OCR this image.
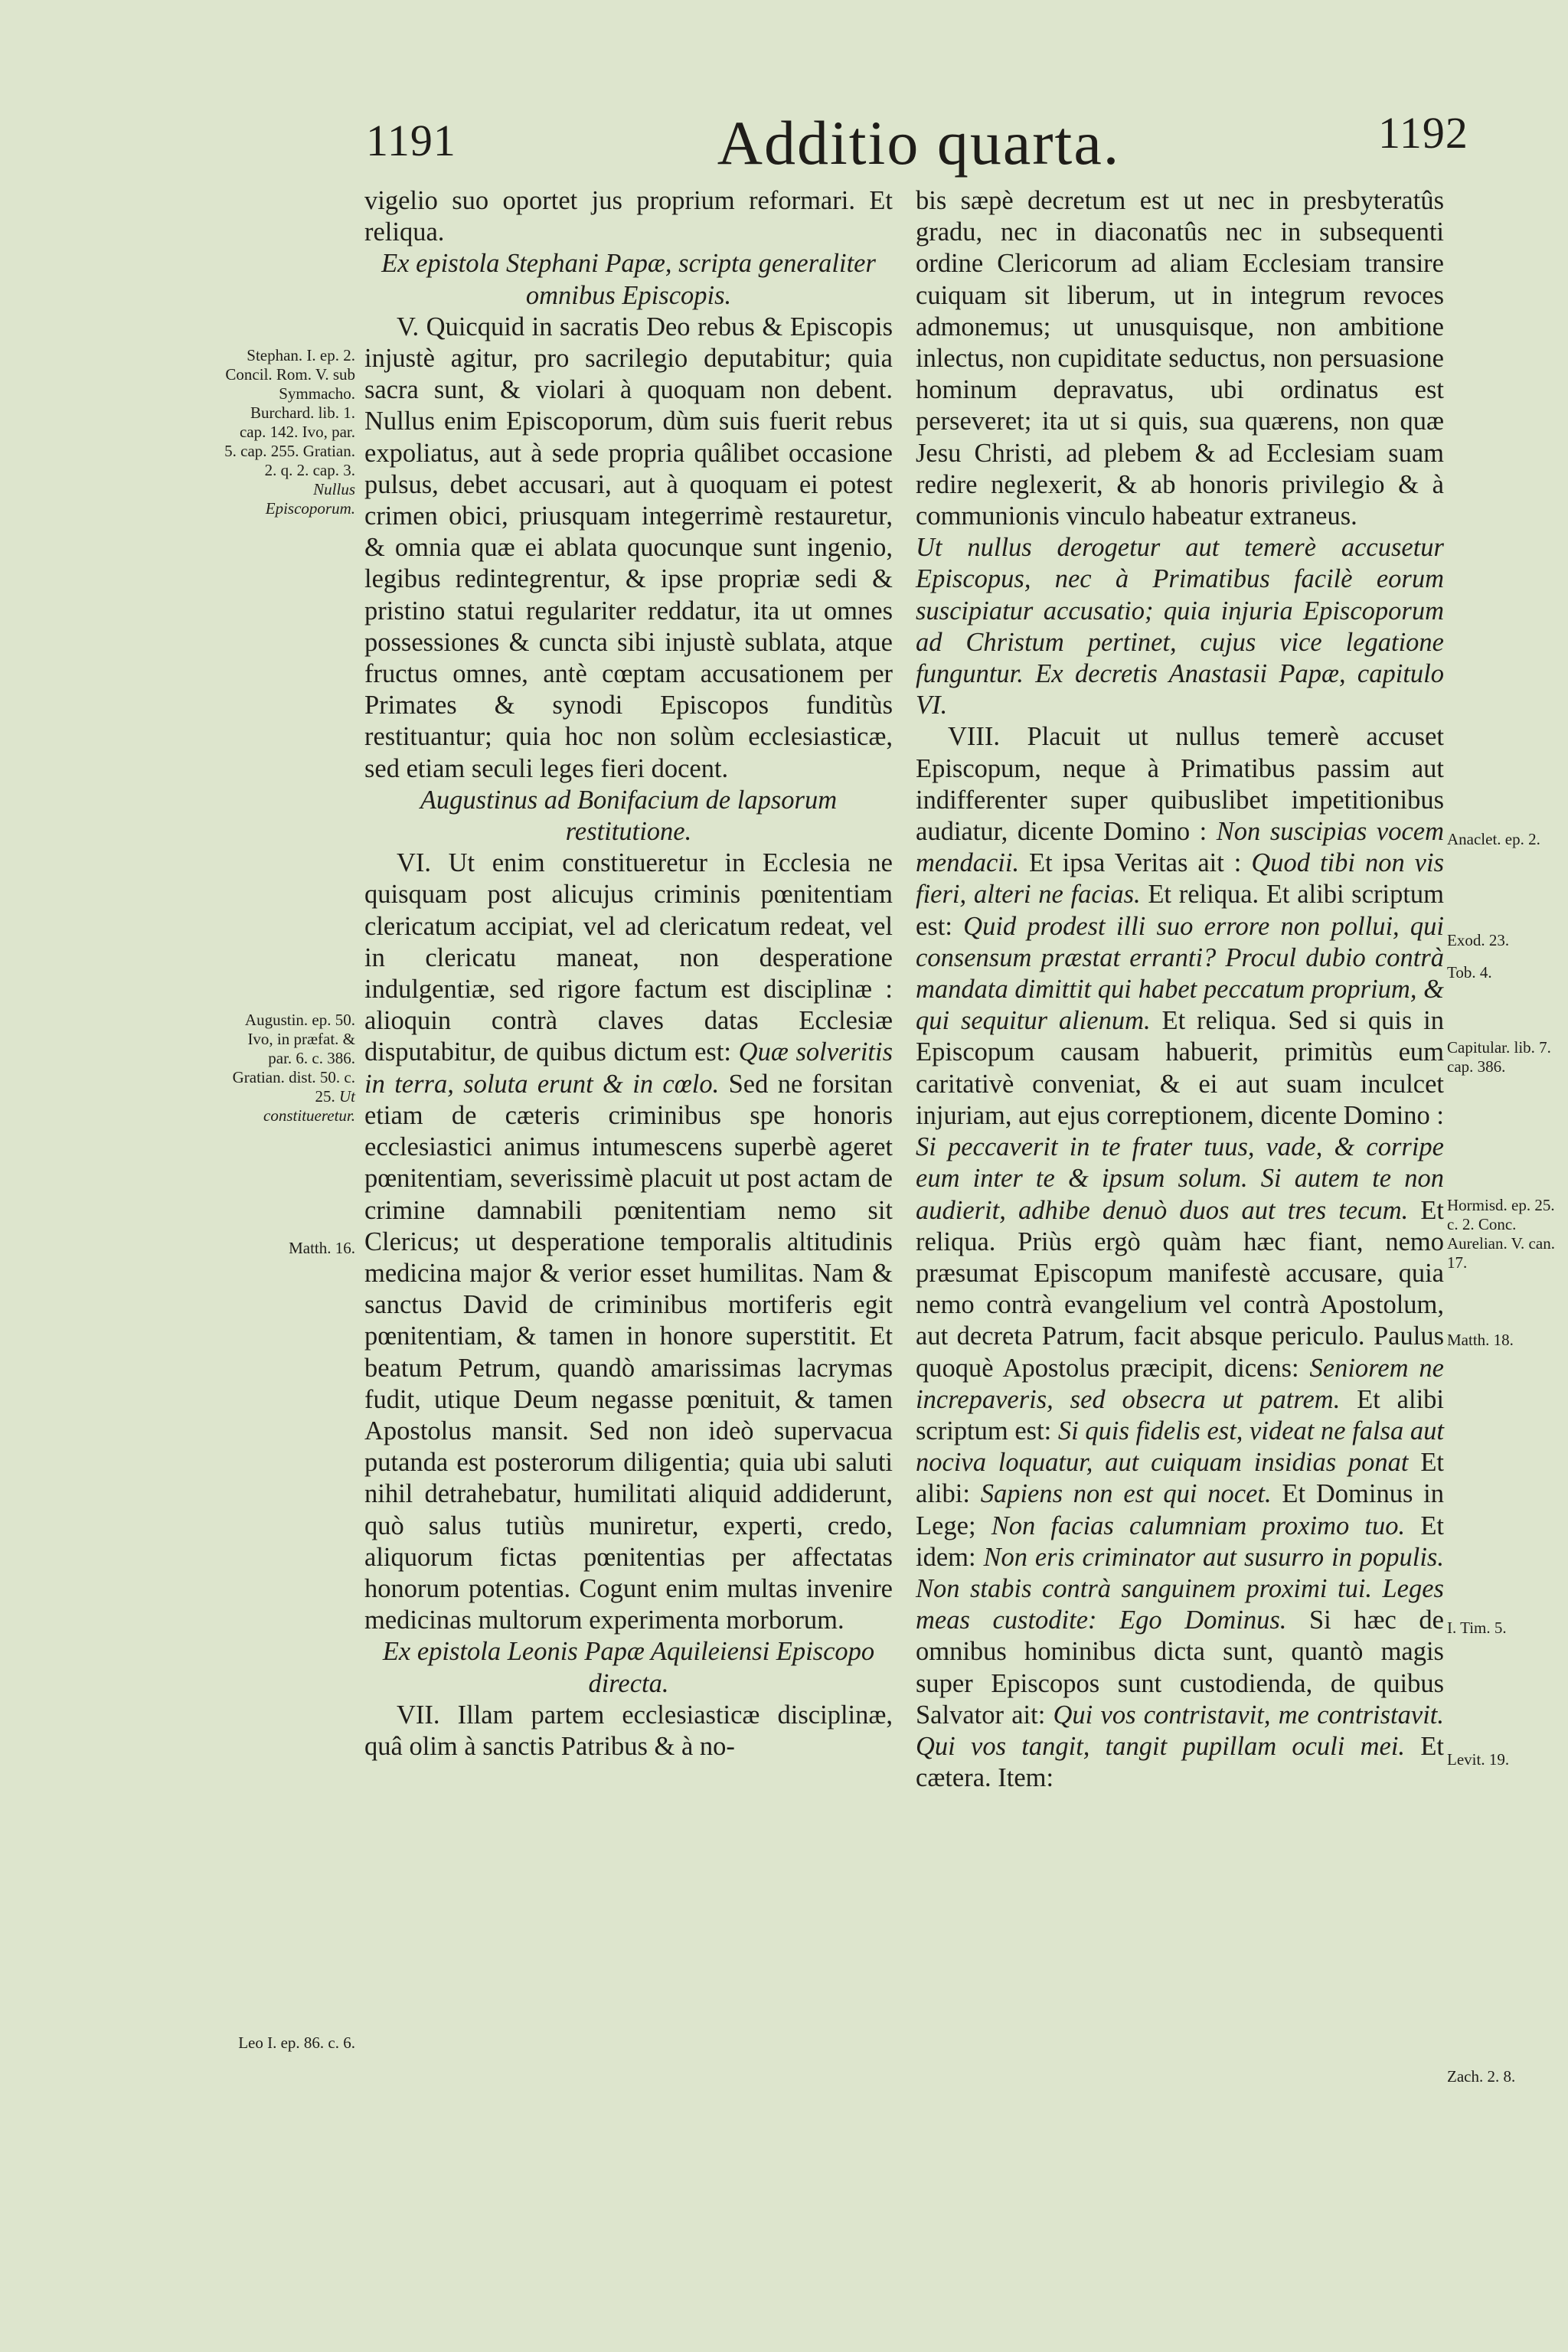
1191	Additio quarta.	1192
Stephan. I. ep. 2. Concil. Rom. V. sub Symmacho. Burchard. lib. 1. cap. 142. Ivo, par. 5. cap. 255. Gratian. 2. q. 2. cap. 3. Nullus Episcoporum.
Augustin. ep. 50. Ivo, in præfat. & par. 6. c. 386. Gratian. dist. 50. c. 25. Ut constitueretur.
Matth. 16.
Leo I. ep. 86. c. 6.

vigelio suo oportet jus proprium reformari. Et reliqua.

Ex epistola Stephani Papæ, scripta generaliter omnibus Episcopis.

V. Quicquid in sacratis Deo rebus & Episcopis injustè agitur, pro sacrilegio deputabitur; quia sacra sunt, & violari à quoquam non debent. Nullus enim Episcoporum, dùm suis fuerit rebus expoliatus, aut à sede propria quâlibet occasione pulsus, debet accusari, aut à quoquam ei potest crimen obici, priusquam integerrimè restauretur, & omnia quæ ei ablata quocunque sunt ingenio, legibus redintegrentur, & ipse propriæ sedi & pristino statui regulariter reddatur, ita ut omnes possessiones & cuncta sibi injustè sublata, atque fructus omnes, antè cœptam accusationem per Primates & synodi Episcopos funditùs restituantur; quia hoc non solùm ecclesiasticæ, sed etiam seculi leges fieri docent.

Augustinus ad Bonifacium de lapsorum restitutione.

VI. Ut enim constitueretur in Ecclesia ne quisquam post alicujus criminis pœnitentiam clericatum accipiat, vel ad clericatum redeat, vel in clericatu maneat, non desperatione indulgentiæ, sed rigore factum est disciplinæ : alioquin contrà claves datas Ecclesiæ disputabitur, de quibus dictum est: Quæ solveritis in terra, soluta erunt & in cœlo. Sed ne forsitan etiam de cæteris criminibus spe honoris ecclesiastici animus intumescens superbè ageret pœnitentiam, severissimè placuit ut post actam de crimine damnabili pœnitentiam nemo sit Clericus; ut desperatione temporalis altitudinis medicina major & verior esset humilitas. Nam & sanctus David de criminibus mortiferis egit pœnitentiam, & tamen in honore superstitit. Et beatum Petrum, quandò amarissimas lacrymas fudit, utique Deum negasse pœnituit, & tamen Apostolus mansit. Sed non ideò supervacua putanda est posterorum diligentia; quia ubi saluti nihil detrahebatur, humilitati aliquid addiderunt, quò salus tutiùs muniretur, experti, credo, aliquorum fictas pœnitentias per affectatas honorum potentias. Cogunt enim multas invenire medicinas multorum experimenta morborum.

Ex epistola Leonis Papæ Aquileiensi Episcopo directa.

VII. Illam partem ecclesiasticæ disciplinæ, quâ olim à sanctis Patribus & à no-

bis sæpè decretum est ut nec in presbyteratûs gradu, nec in diaconatûs nec in subsequenti ordine Clericorum ad aliam Ecclesiam transire cuiquam sit liberum, ut in integrum revoces admonemus; ut unusquisque, non ambitione inlectus, non cupiditate seductus, non persuasione hominum depravatus, ubi ordinatus est perseveret; ita ut si quis, sua quærens, non quæ Jesu Christi, ad plebem & ad Ecclesiam suam redire neglexerit, & ab honoris privilegio & à communionis vinculo habeatur extraneus.

Ut nullus derogetur aut temerè accusetur Episcopus, nec à Primatibus facilè eorum suscipiatur accusatio; quia injuria Episcoporum ad Christum pertinet, cujus vice legatione funguntur. Ex decretis Anastasii Papæ, capitulo VI.

VIII. Placuit ut nullus temerè accuset Episcopum, neque à Primatibus passim aut indifferenter super quibuslibet impetitionibus audiatur, dicente Domino : Non suscipias vocem mendacii. Et ipsa Veritas ait : Quod tibi non vis fieri, alteri ne facias. Et reliqua. Et alibi scriptum est: Quid prodest illi suo errore non pollui, qui consensum præstat erranti? Procul dubio contrà mandata dimittit qui habet peccatum proprium, & qui sequitur alienum. Et reliqua. Sed si quis in Episcopum causam habuerit, primitùs eum caritativè conveniat, & ei aut suam inculcet injuriam, aut ejus correptionem, dicente Domino : Si peccaverit in te frater tuus, vade, & corripe eum inter te & ipsum solum. Si autem te non audierit, adhibe denuò duos aut tres tecum. Et reliqua. Priùs ergò quàm hæc fiant, nemo præsumat Episcopum manifestè accusare, quia nemo contrà evangelium vel contrà Apostolum, aut decreta Patrum, facit absque periculo. Paulus quoquè Apostolus præcipit, dicens: Seniorem ne increpaveris, sed obsecra ut patrem. Et alibi scriptum est: Si quis fidelis est, videat ne falsa aut nociva loquatur, aut cuiquam insidias ponat Et alibi: Sapiens non est qui nocet. Et Dominus in Lege; Non facias calumniam proximo tuo. Et idem: Non eris criminator aut susurro in populis. Non stabis contrà sanguinem proximi tui. Leges meas custodite: Ego Dominus. Si hæc de omnibus hominibus dicta sunt, quantò magis super Episcopos sunt custodienda, de quibus Salvator ait: Qui vos contristavit, me contristavit. Qui vos tangit, tangit pupillam oculi mei. Et cætera. Item:

Anaclet. ep. 2.
Exod. 23.
Tob. 4.
Capitular. lib. 7. cap. 386.
Hormisd. ep. 25. c. 2. Conc. Aurelian. V. can. 17.
Matth. 18.
I. Tim. 5.
Levit. 19.
Zach. 2. 8.
